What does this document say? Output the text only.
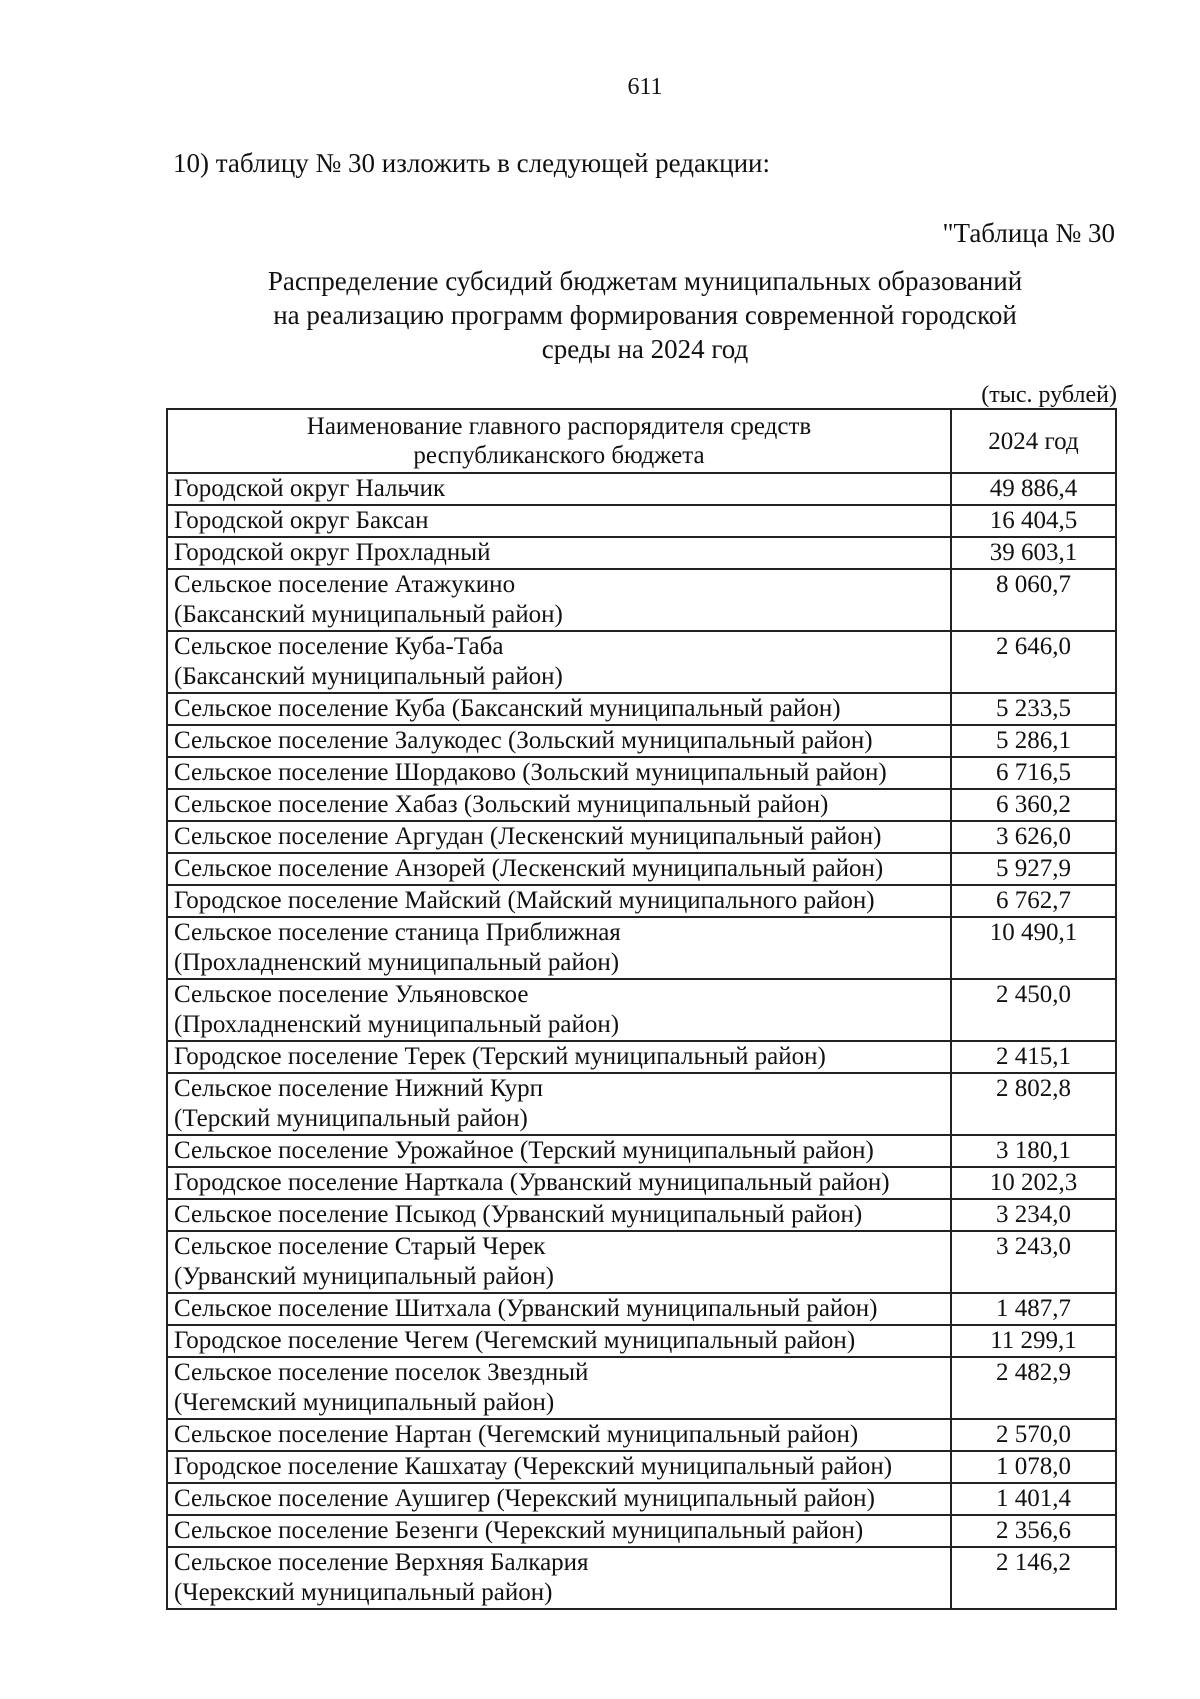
611
10) таблицу № 30 изложить в следующей редакции:
"Таблица № 30
Распределение субсидий бюджетам муниципальных образований
на реализацию программ формирования современной городской
среды на 2024 год
(тыс. рублей)
Наименование главного распорядителя средств республиканского бюджета	2024 год
Городской округ Нальчик	49 886,4
Городской округ Баксан	16 404,5
Городской округ Прохладный	39 603,1
Сельское поселение Атажукино
(Баксанский муниципальный район)	8 060,7
Сельское поселение Куба-Таба
(Баксанский муниципальный район)	2 646,0
Сельское поселение Куба (Баксанский муниципальный район)	5 233,5
Сельское поселение Залукодес (Зольский муниципальный район)	5 286,1
Сельское поселение Шордаково (Зольский муниципальный район)	6 716,5
Сельское поселение Хабаз (Зольский муниципальный район)	6 360,2
Сельское поселение Аргудан (Лескенский муниципальный район)	3 626,0
Сельское поселение Анзорей (Лескенский муниципальный район)	5 927,9
Городское поселение Майский (Майский муниципального район)	6 762,7
Сельское поселение станица Приближная
(Прохладненский муниципальный район)	10 490,1
Сельское поселение Ульяновское
(Прохладненский муниципальный район)	2 450,0
Городское поселение Терек (Терский муниципальный район)	2 415,1
Сельское поселение Нижний Курп
(Терский муниципальный район)	2 802,8
Сельское поселение Урожайное (Терский муниципальный район)	3 180,1
Городское поселение Нарткала (Урванский муниципальный район)	10 202,3
Сельское поселение Псыкод (Урванский муниципальный район)	3 234,0
Сельское поселение Старый Черек
(Урванский муниципальный район)	3 243,0
Сельское поселение Шитхала (Урванский муниципальный район)	1 487,7
Городское поселение Чегем (Чегемский муниципальный район)	11 299,1
Сельское поселение поселок Звездный
(Чегемский муниципальный район)	2 482,9
Сельское поселение Нартан (Чегемский муниципальный район)	2 570,0
Городское поселение Кашхатау (Черекский муниципальный район)	1 078,0
Сельское поселение Аушигер (Черекский муниципальный район)	1 401,4
Сельское поселение Безенги (Черекский муниципальный район)	2 356,6
Сельское поселение Верхняя Балкария
(Черекский муниципальный район)	2 146,2
